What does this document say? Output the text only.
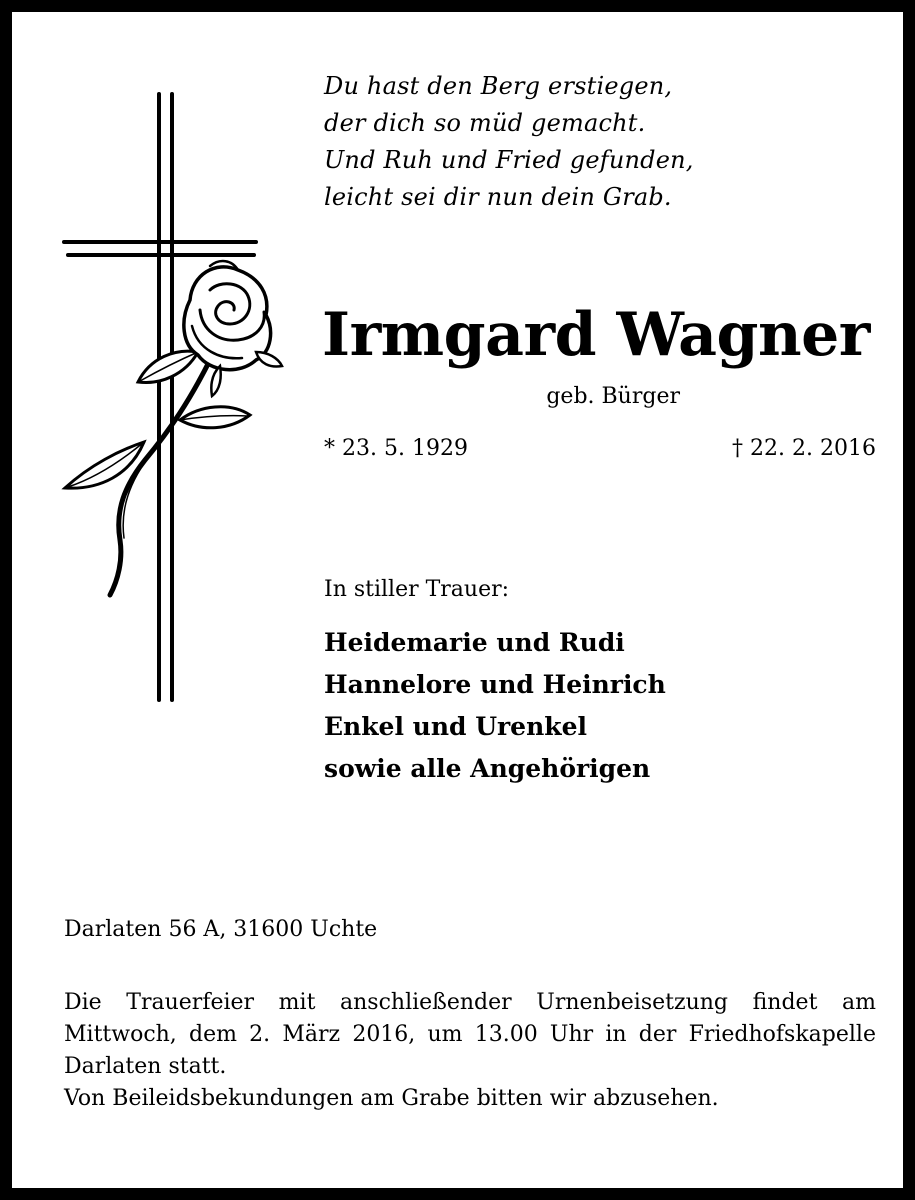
Du hast den Berg erstiegen,
der dich so müd gemacht.
Und Ruh und Fried gefunden,
leicht sei dir nun dein Grab.
Irmgard Wagner
geb. Bürger
* 23. 5. 1929	† 22. 2. 2016
In stiller Trauer:
Heidemarie und Rudi
Hannelore und Heinrich
Enkel und Urenkel
sowie alle Angehörigen
Darlaten 56 A, 31600 Uchte
Die Trauerfeier mit anschließender Urnenbeisetzung findet am Mittwoch, dem 2. März 2016, um 13.00 Uhr in der Friedhofskapelle Darlaten statt.
Von Beileidsbekundungen am Grabe bitten wir abzusehen.
